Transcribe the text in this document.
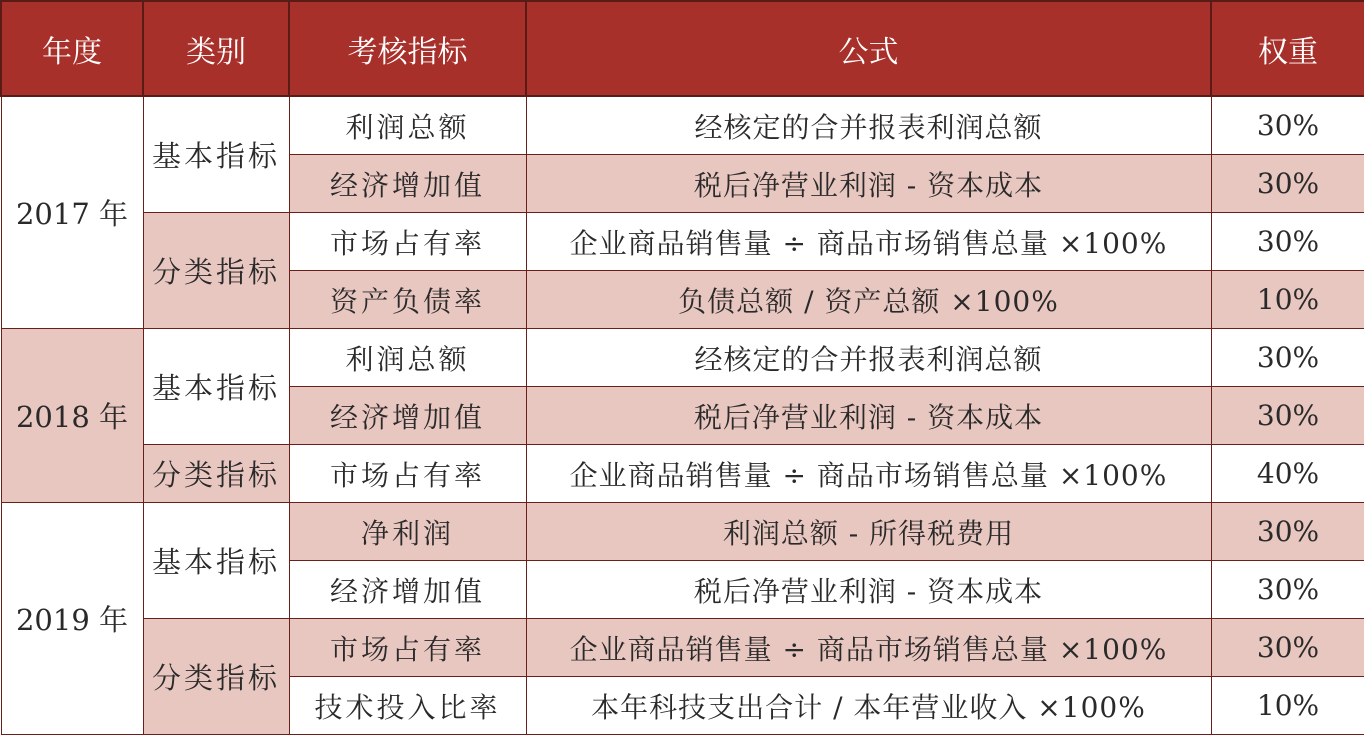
年度	类别	考核指标	公式	权重
2017 年	基本指标	利润总额	经核定的合并报表利润总额	30%
		经济增加值	税后净营业利润 - 资本成本	30%
	分类指标	市场占有率	企业商品销售量 ÷ 商品市场销售总量 ×100%	30%
		资产负债率	负债总额 / 资产总额 ×100%	10%
2018 年	基本指标	利润总额	经核定的合并报表利润总额	30%
		经济增加值	税后净营业利润 - 资本成本	30%
	分类指标	市场占有率	企业商品销售量 ÷ 商品市场销售总量 ×100%	40%
2019 年	基本指标	净利润	利润总额 - 所得税费用	30%
		经济增加值	税后净营业利润 - 资本成本	30%
	分类指标	市场占有率	企业商品销售量 ÷ 商品市场销售总量 ×100%	30%
		技术投入比率	本年科技支出合计 / 本年营业收入 ×100%	10%
